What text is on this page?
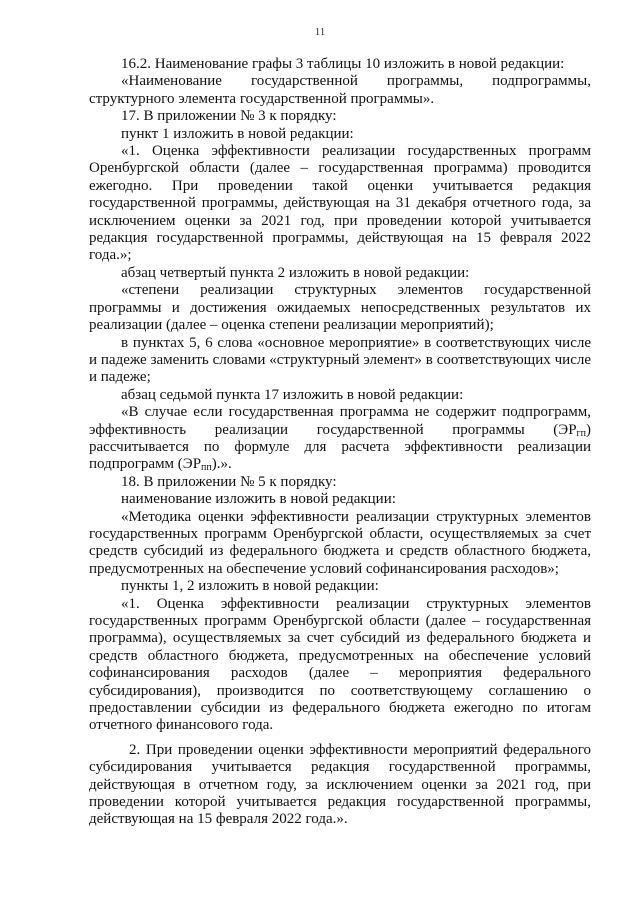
11

16.2. Наименование графы 3 таблицы 10 изложить в новой редакции:

«Наименование государственной программы, подпрограммы, структурного элемента государственной программы».

17. В приложении № 3 к порядку:

пункт 1 изложить в новой редакции:

«1. Оценка эффективности реализации государственных программ Оренбургской области (далее – государственная программа) проводится ежегодно. При проведении такой оценки учитывается редакция государственной программы, действующая на 31 декабря отчетного года, за исключением оценки за 2021 год, при проведении которой учитывается редакция государственной программы, действующая на 15 февраля 2022 года.»;

абзац четвертый пункта 2 изложить в новой редакции:

«степени реализации структурных элементов государственной программы и достижения ожидаемых непосредственных результатов их реализации (далее – оценка степени реализации мероприятий);

в пунктах 5, 6 слова «основное мероприятие» в соответствующих числе и падеже заменить словами «структурный элемент» в соответствующих числе и падеже;

абзац седьмой пункта 17 изложить в новой редакции:

«В случае если государственная программа не содержит подпрограмм, эффективность реализации государственной программы $(ЭР_{гп})$ рассчитывается по формуле для расчета эффективности реализации подпрограмм $(ЭР_{пп})$.».

18. В приложении № 5 к порядку:

наименование изложить в новой редакции:

«Методика оценки эффективности реализации структурных элементов государственных программ Оренбургской области, осуществляемых за счет средств субсидий из федерального бюджета и средств областного бюджета, предусмотренных на обеспечение условий софинансирования расходов»;

пункты 1, 2 изложить в новой редакции:

«1. Оценка эффективности реализации структурных элементов государственных программ Оренбургской области (далее – государственная программа), осуществляемых за счет субсидий из федерального бюджета и средств областного бюджета, предусмотренных на обеспечение условий софинансирования расходов (далее – мероприятия федерального субсидирования), производится по соответствующему соглашению о предоставлении субсидии из федерального бюджета ежегодно по итогам отчетного финансового года.

2. При проведении оценки эффективности мероприятий федерального субсидирования учитывается редакция государственной программы, действующая в отчетном году, за исключением оценки за 2021 год, при проведении которой учитывается редакция государственной программы, действующая на 15 февраля 2022 года.».
